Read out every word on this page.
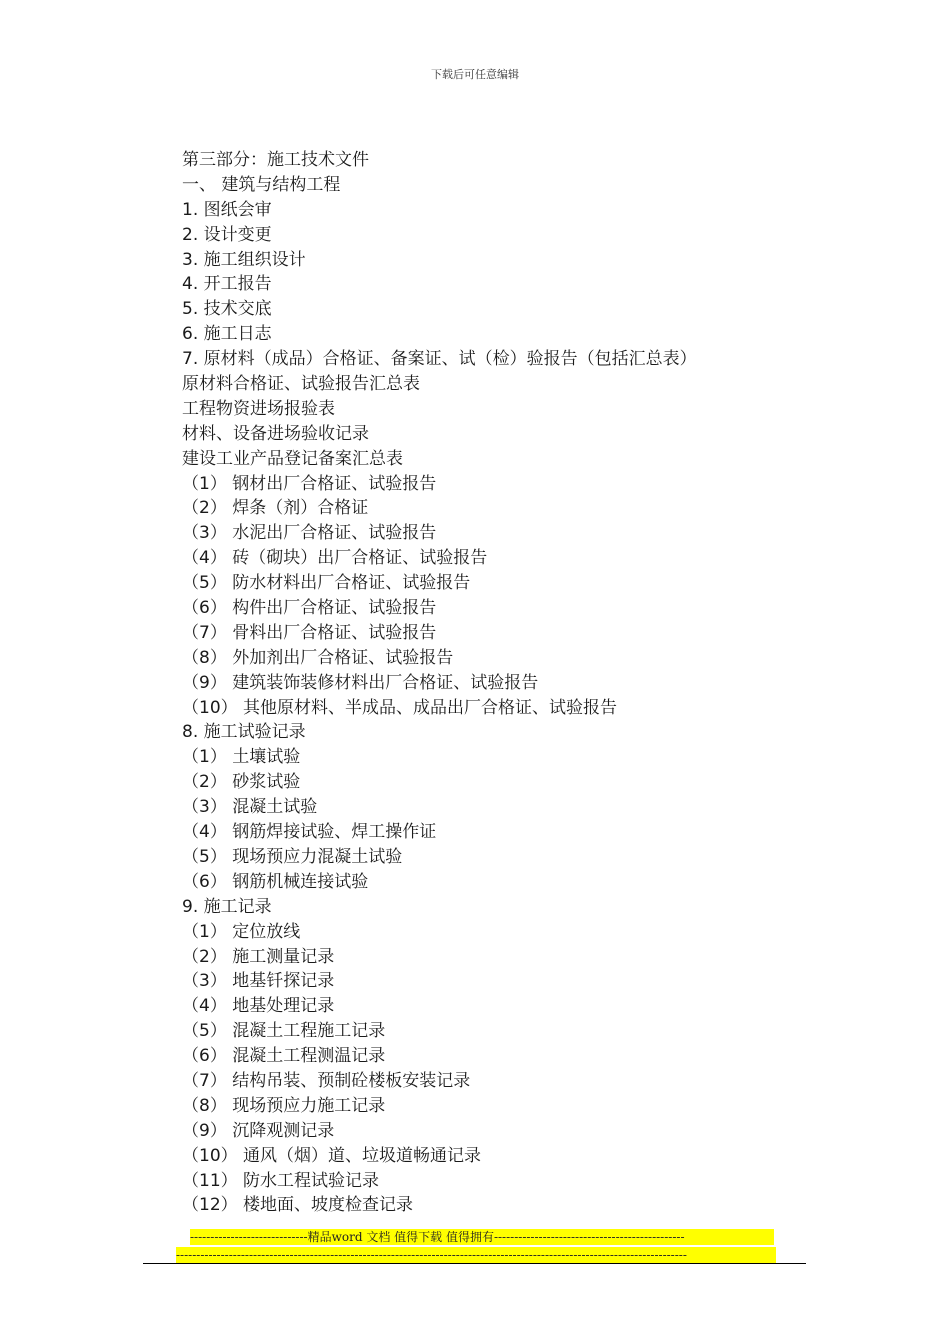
下载后可任意编辑
第三部分：施工技术文件
一、 建筑与结构工程
1. 图纸会审
2. 设计变更
3. 施工组织设计
4. 开工报告
5. 技术交底
6. 施工日志
7. 原材料（成品）合格证、备案证、试（检）验报告（包括汇总表）
原材料合格证、试验报告汇总表
工程物资进场报验表
材料、设备进场验收记录
建设工业产品登记备案汇总表
（1） 钢材出厂合格证、试验报告
（2） 焊条（剂）合格证
（3） 水泥出厂合格证、试验报告
（4） 砖（砌块）出厂合格证、试验报告
（5） 防水材料出厂合格证、试验报告
（6） 构件出厂合格证、试验报告
（7） 骨料出厂合格证、试验报告
（8） 外加剂出厂合格证、试验报告
（9） 建筑装饰装修材料出厂合格证、试验报告
（10） 其他原材料、半成品、成品出厂合格证、试验报告
8. 施工试验记录
（1） 土壤试验
（2） 砂浆试验
（3） 混凝土试验
（4） 钢筋焊接试验、焊工操作证
（5） 现场预应力混凝土试验
（6） 钢筋机械连接试验
9. 施工记录
（1） 定位放线
（2） 施工测量记录
（3） 地基钎探记录
（4） 地基处理记录
（5） 混凝土工程施工记录
（6） 混凝土工程测温记录
（7） 结构吊装、预制砼楼板安装记录
（8） 现场预应力施工记录
（9） 沉降观测记录
（10） 通风（烟）道、垃圾道畅通记录
（11） 防水工程试验记录
（12） 楼地面、坡度检查记录
-----------------------------精品word 文档 值得下载 值得拥有-----------------------------------------------
------------------------------------------------------------------------------------------------------------------------------
